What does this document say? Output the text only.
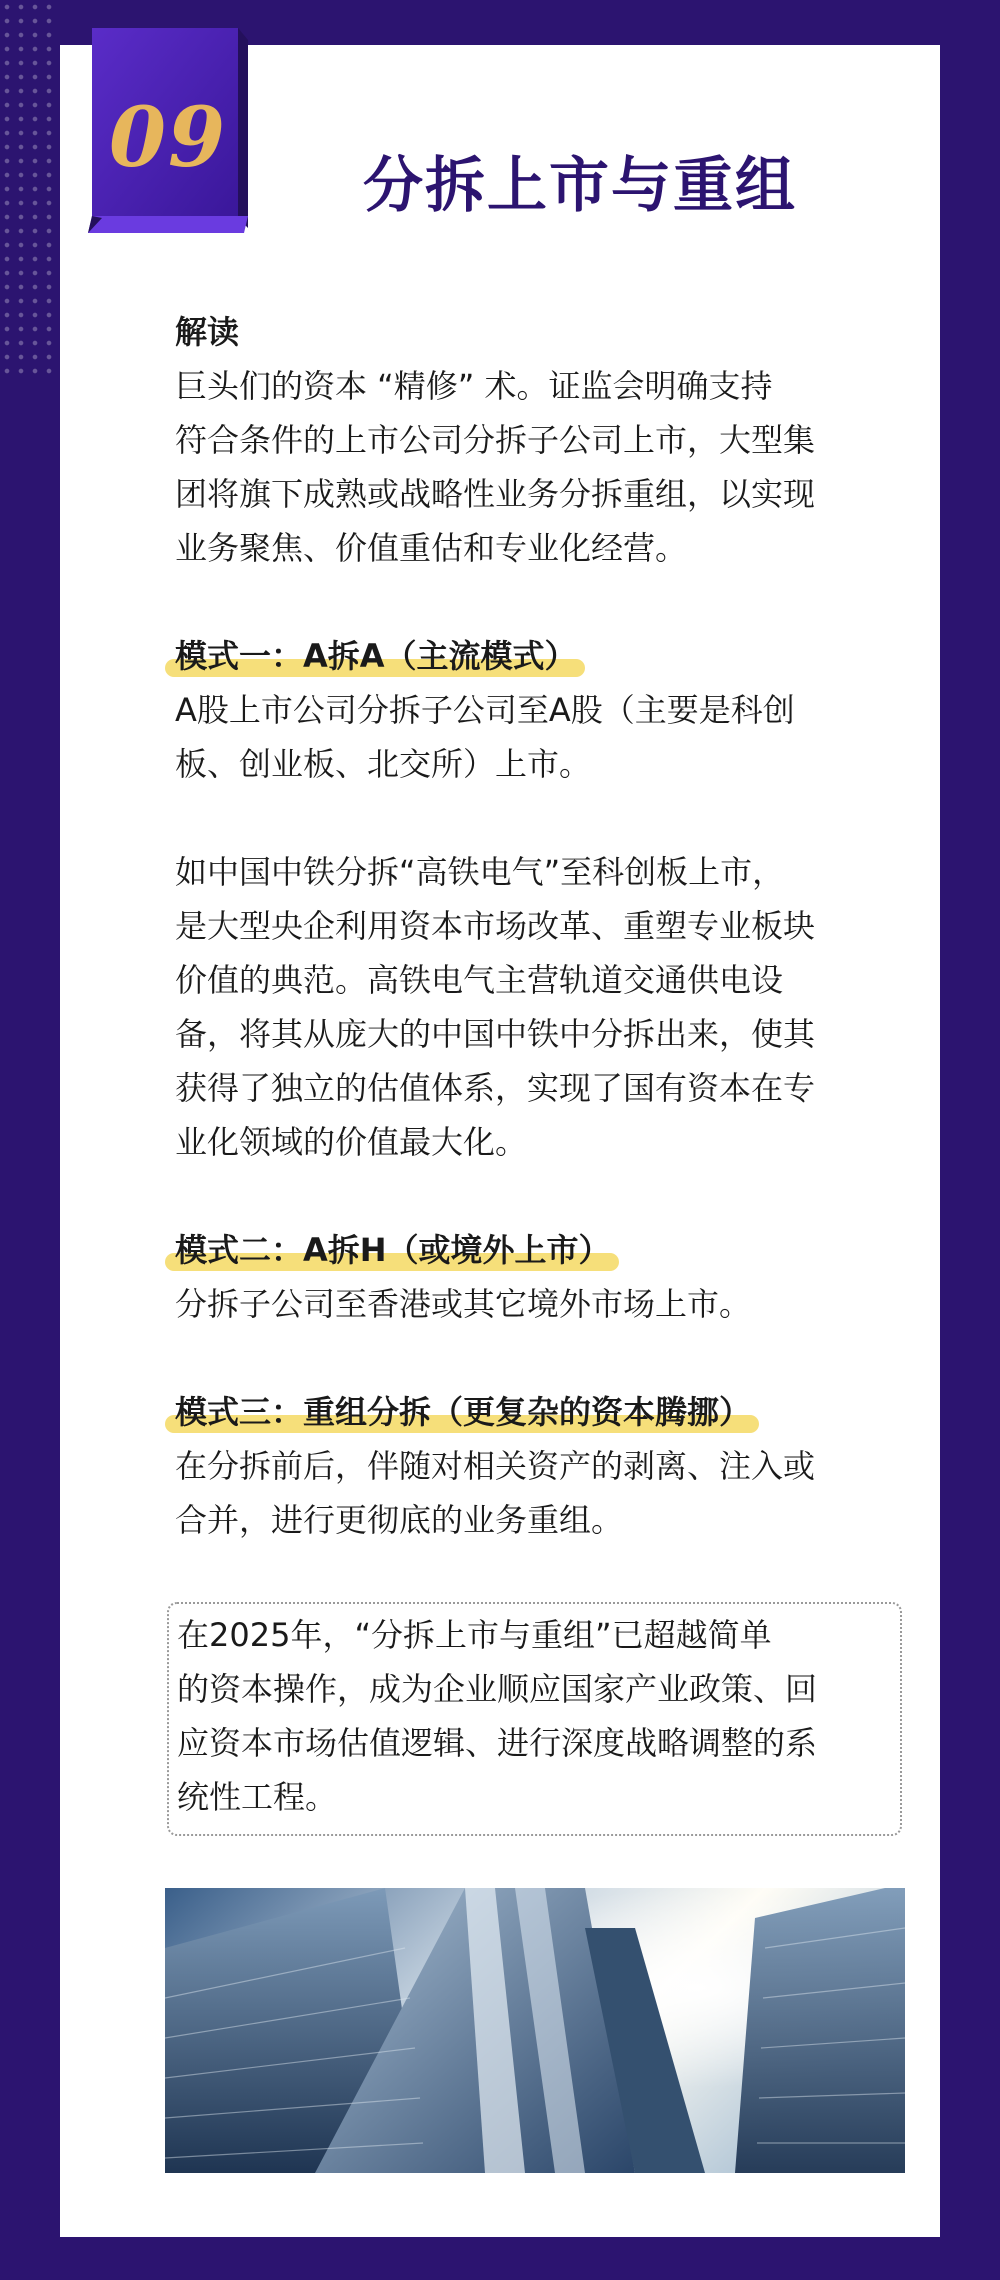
09	分拆上市与重组
解读

巨头们的资本 “精修” 术。证监会明确支持

符合条件的上市公司分拆子公司上市，大型集

团将旗下成熟或战略性业务分拆重组，以实现

业务聚焦、价值重估和专业化经营。

模式一：A拆A（主流模式）

A股上市公司分拆子公司至A股（主要是科创

板、创业板、北交所）上市。

如中国中铁分拆“高铁电气”至科创板上市，

是大型央企利用资本市场改革、重塑专业板块

价值的典范。高铁电气主营轨道交通供电设

备，将其从庞大的中国中铁中分拆出来，使其

获得了独立的估值体系，实现了国有资本在专

业化领域的价值最大化。

模式二：A拆H（或境外上市）

分拆子公司至香港或其它境外市场上市。

模式三：重组分拆（更复杂的资本腾挪）

在分拆前后，伴随对相关资产的剥离、注入或

合并，进行更彻底的业务重组。

在2025年，“分拆上市与重组”已超越简单

的资本操作，成为企业顺应国家产业政策、回

应资本市场估值逻辑、进行深度战略调整的系

统性工程。
